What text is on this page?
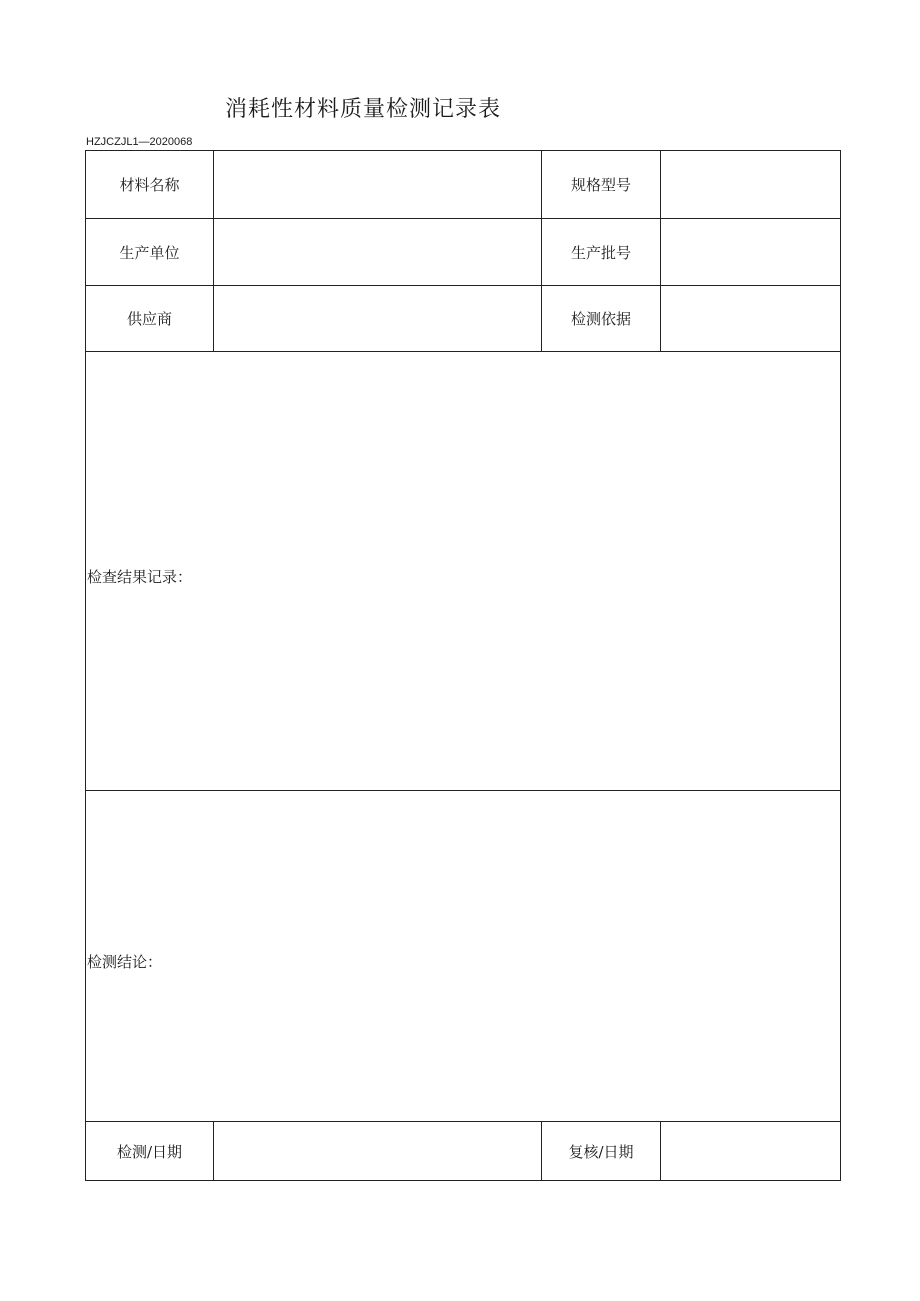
消耗性材料质量检测记录表
HZJCZJL1—2020068
材料名称		规格型号	
生产单位		生产批号	
供应商		检测依据	

检查结果记录：			

检测结论：			

检测/日期		复核/日期	
